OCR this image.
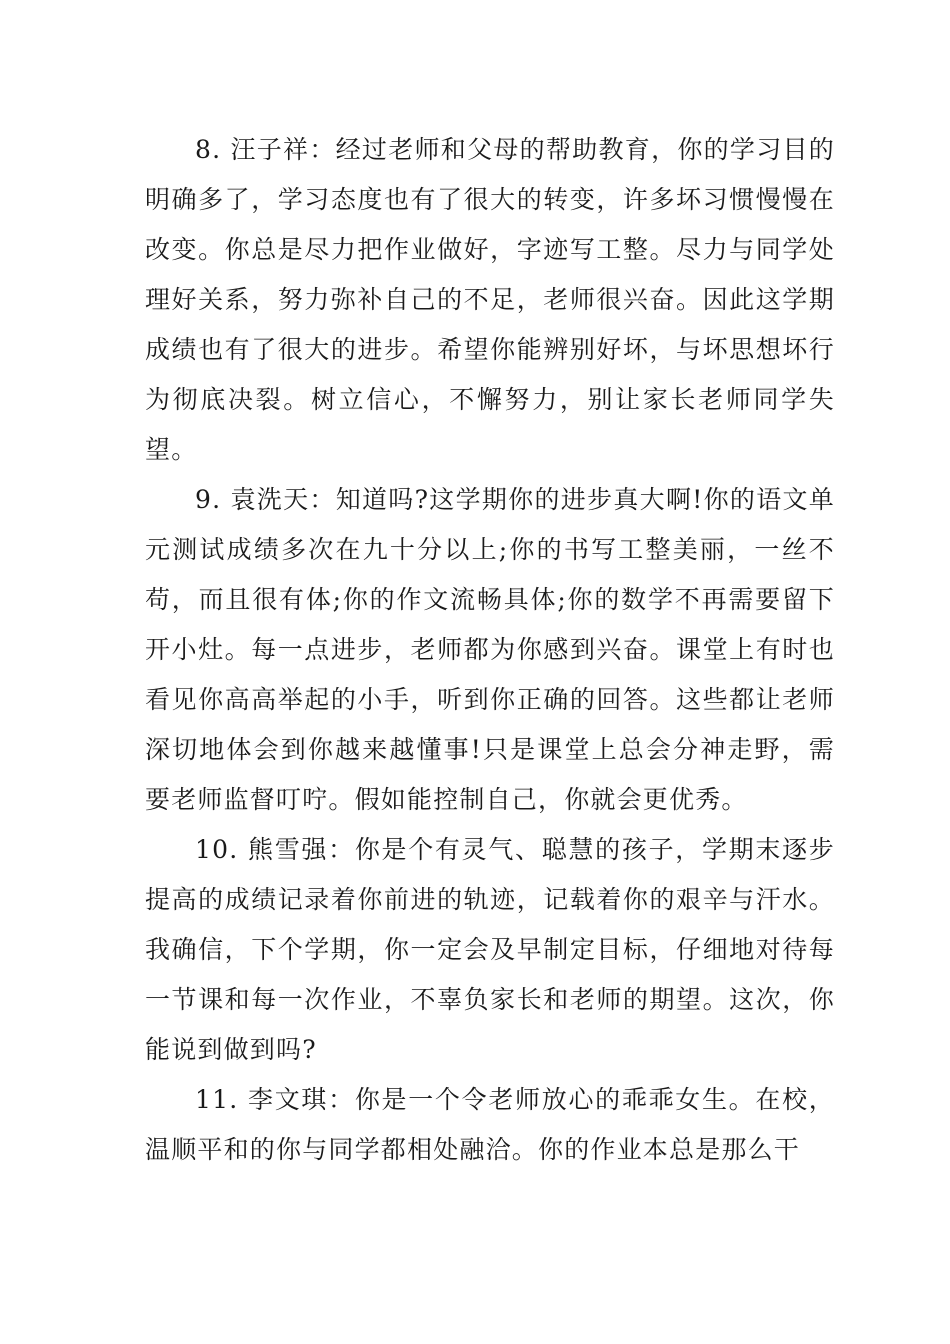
8. 汪子祥：经过老师和父母的帮助教育，你的学习目的明确多了，学习态度也有了很大的转变，许多坏习惯慢慢在改变。你总是尽力把作业做好，字迹写工整。尽力与同学处理好关系，努力弥补自己的不足，老师很兴奋。因此这学期成绩也有了很大的进步。希望你能辨别好坏，与坏思想坏行为彻底决裂。树立信心，不懈努力，别让家长老师同学失望。

9. 袁洗天：知道吗?这学期你的进步真大啊!你的语文单元测试成绩多次在九十分以上;你的书写工整美丽，一丝不苟，而且很有体;你的作文流畅具体;你的数学不再需要留下开小灶。每一点进步，老师都为你感到兴奋。课堂上有时也看见你高高举起的小手，听到你正确的回答。这些都让老师深切地体会到你越来越懂事!只是课堂上总会分神走野，需要老师监督叮咛。假如能控制自己，你就会更优秀。

10. 熊雪强：你是个有灵气、聪慧的孩子，学期末逐步提高的成绩记录着你前进的轨迹，记载着你的艰辛与汗水。我确信，下个学期，你一定会及早制定目标，仔细地对待每一节课和每一次作业，不辜负家长和老师的期望。这次，你能说到做到吗?

11. 李文琪：你是一个令老师放心的乖乖女生。在校，温顺平和的你与同学都相处融洽。你的作业本总是那么干
